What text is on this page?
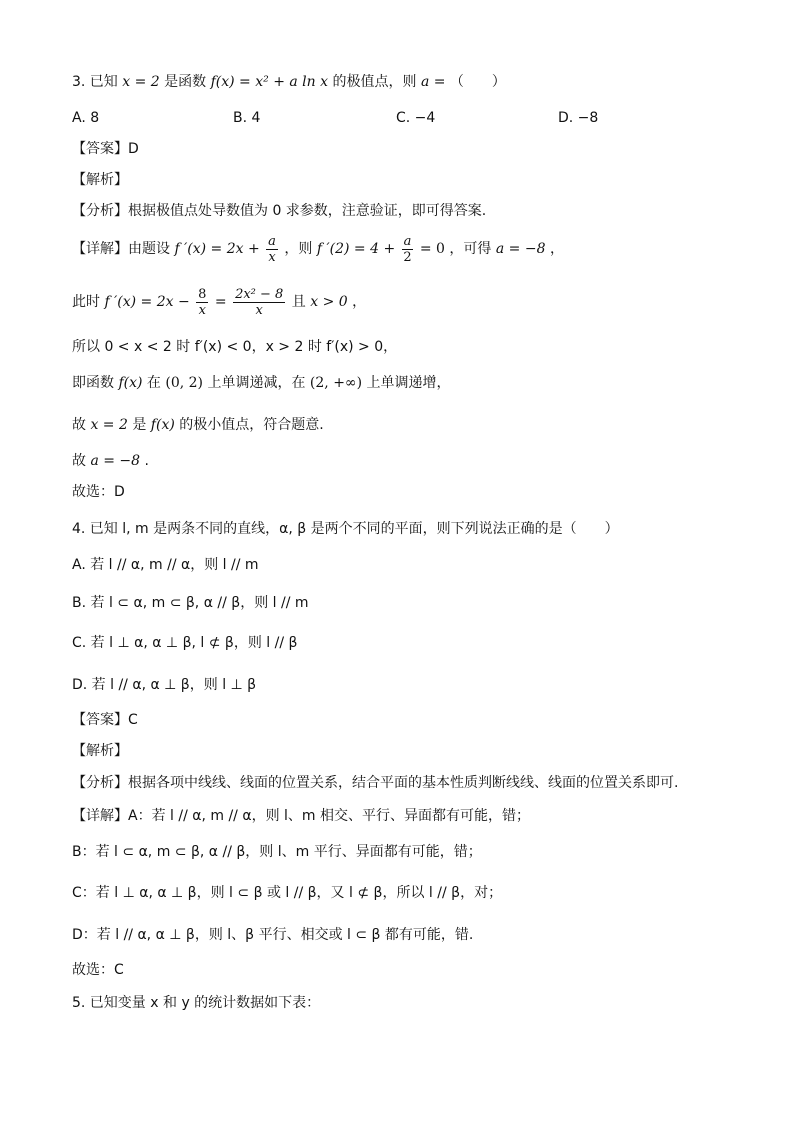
3. 已知 x = 2 是函数 f(x) = x² + a ln x 的极值点，则 a = （　　）
A. 8	B. 4	C. −4	D. −8
【答案】D
【解析】
【分析】根据极值点处导数值为 0 求参数，注意验证，即可得答案.
【详解】由题设 f $'(x) = 2x + \frac{a}{x}$ ，则 f $'(2) = 4 + \frac{a}{2} = 0$ ，可得 a = −8 ，
此时 f $'(x) = 2x - \frac{8}{x} = \frac{\text{2x² − 8}}{x}$ 且 x > 0 ，
所以 0 < x < 2 时 f′(x) < 0，x > 2 时 f′(x) > 0，
即函数 f(x) 在 (0, 2) 上单调递减，在 (2, +∞) 上单调递增，
故 x = 2 是 f(x) 的极小值点，符合题意.
故 a = −8 .
故选：D
4. 已知 l, m 是两条不同的直线，α, β 是两个不同的平面，则下列说法正确的是（　　）
A. 若 l // α, m // α，则 l // m
B. 若 l ⊂ α, m ⊂ β, α // β，则 l // m
C. 若 l ⊥ α, α ⊥ β, l ⊄ β，则 l // β
D. 若 l // α, α ⊥ β，则 l ⊥ β
【答案】C
【解析】
【分析】根据各项中线线、线面的位置关系，结合平面的基本性质判断线线、线面的位置关系即可.
【详解】A：若 l // α, m // α，则 l、m 相交、平行、异面都有可能，错；
B：若 l ⊂ α, m ⊂ β, α // β，则 l、m 平行、异面都有可能，错；
C：若 l ⊥ α, α ⊥ β，则 l ⊂ β 或 l // β，又 l ⊄ β，所以 l // β，对；
D：若 l // α, α ⊥ β，则 l、β 平行、相交或 l ⊂ β 都有可能，错.
故选：C
5. 已知变量 x 和 y 的统计数据如下表：
